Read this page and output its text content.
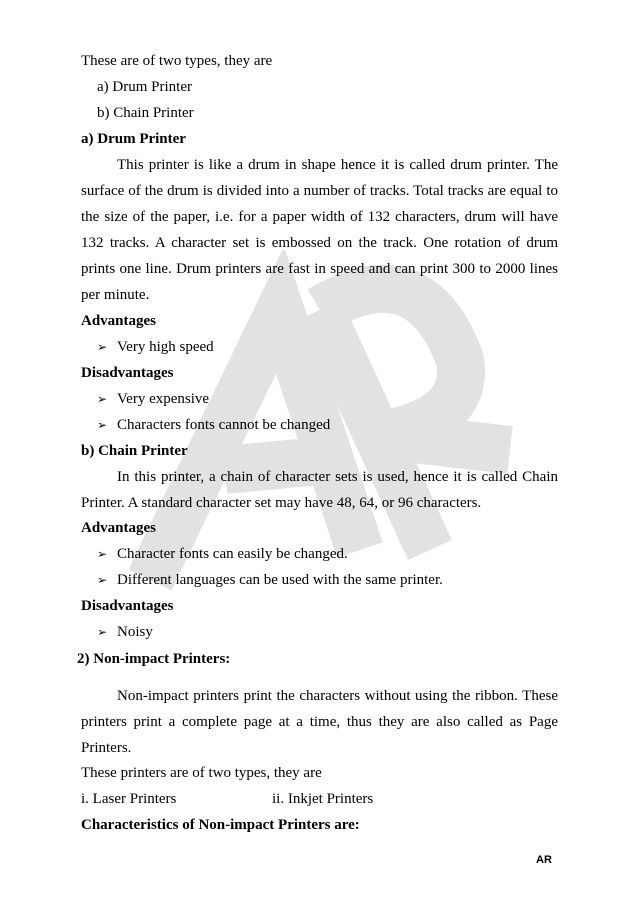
These are of two types, they are
a) Drum Printer
b) Chain Printer
a) Drum Printer
This printer is like a drum in shape hence it is called drum printer. The surface of the drum is divided into a number of tracks. Total tracks are equal to the size of the paper, i.e. for a paper width of 132 characters, drum will have 132 tracks. A character set is embossed on the track. One rotation of drum prints one line. Drum printers are fast in speed and can print 300 to 2000 lines per minute.
Advantages
➢ Very high speed
Disadvantages
➢ Very expensive
➢ Characters fonts cannot be changed
b) Chain Printer
In this printer, a chain of character sets is used, hence it is called Chain Printer. A standard character set may have 48, 64, or 96 characters.
Advantages
➢ Character fonts can easily be changed.
➢ Different languages can be used with the same printer.
Disadvantages
➢ Noisy
2) Non-impact Printers:
Non-impact printers print the characters without using the ribbon. These printers print a complete page at a time, thus they are also called as Page Printers.
These printers are of two types, they are
i. Laser Printers	ii. Inkjet Printers
Characteristics of Non-impact Printers are:
AR
